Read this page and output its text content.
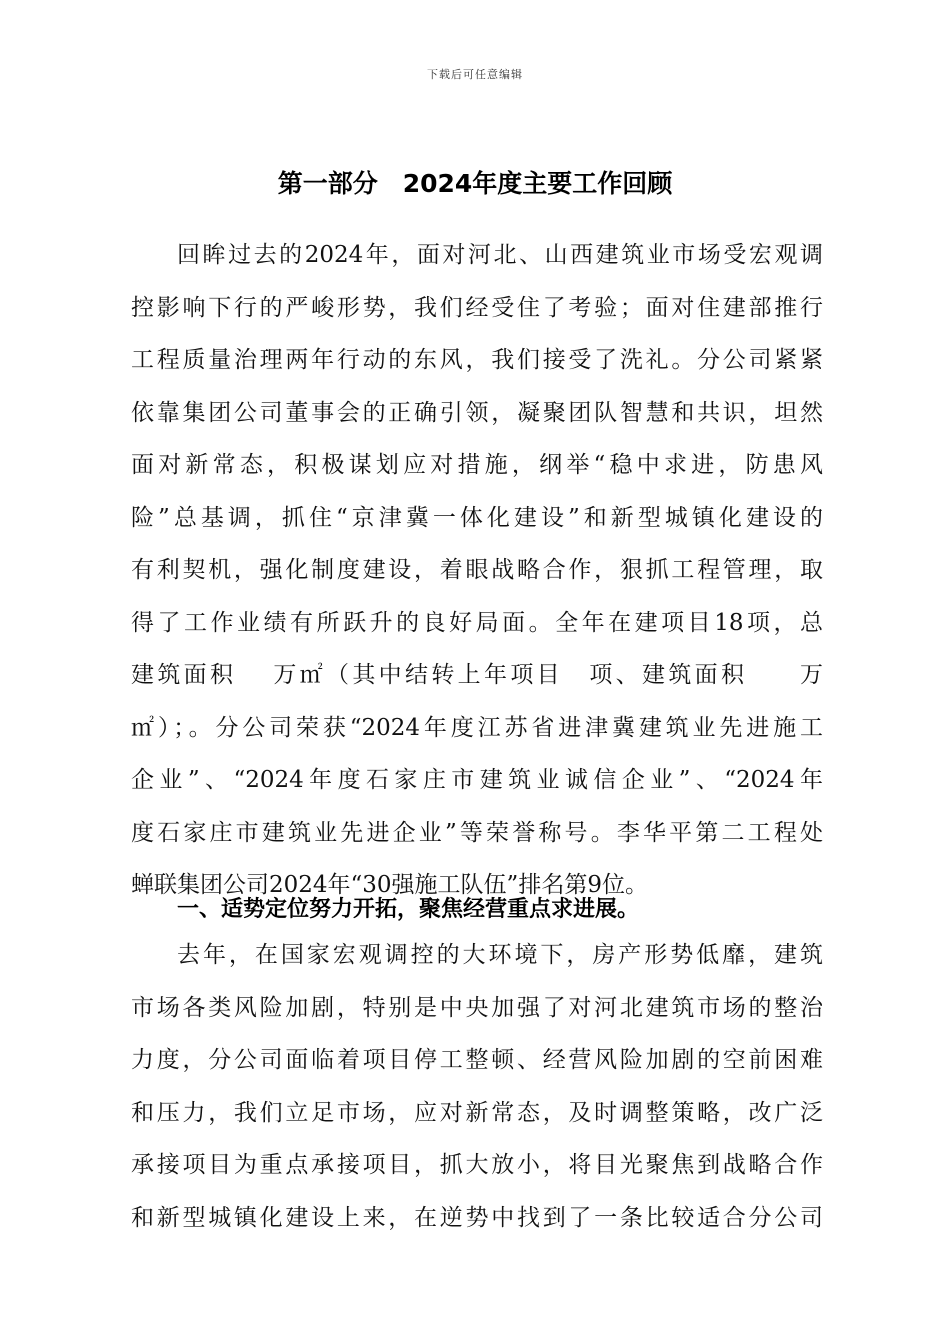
下载后可任意编辑
第一部分　2024年度主要工作回顾
回眸过去的2024年，面对河北、山西建筑业市场受宏观调
控影响下行的严峻形势，我们经受住了考验；面对住建部推行
工程质量治理两年行动的东风，我们接受了洗礼。分公司紧紧
依靠集团公司董事会的正确引领，凝聚团队智慧和共识，坦然
面对新常态，积极谋划应对措施，纲举“稳中求进，防患风
险”总基调，抓住“京津冀一体化建设”和新型城镇化建设的
有利契机，强化制度建设，着眼战略合作，狠抓工程管理，取
得了工作业绩有所跃升的良好局面。全年在建项目18项，总
建筑面积　 万㎡（其中结转上年项目　项、建筑面积　　万
㎡）；。分公司荣获“2024年度江苏省进津冀建筑业先进施工
企业”、“2024年度石家庄市建筑业诚信企业”、“2024年
度石家庄市建筑业先进企业”等荣誉称号。李华平第二工程处
蝉联集团公司2024年“30强施工队伍”排名第9位。
一、适势定位努力开拓，聚焦经营重点求进展。
去年，在国家宏观调控的大环境下，房产形势低靡，建筑
市场各类风险加剧，特别是中央加强了对河北建筑市场的整治
力度，分公司面临着项目停工整顿、经营风险加剧的空前困难
和压力，我们立足市场，应对新常态，及时调整策略，改广泛
承接项目为重点承接项目，抓大放小，将目光聚焦到战略合作
和新型城镇化建设上来，在逆势中找到了一条比较适合分公司
